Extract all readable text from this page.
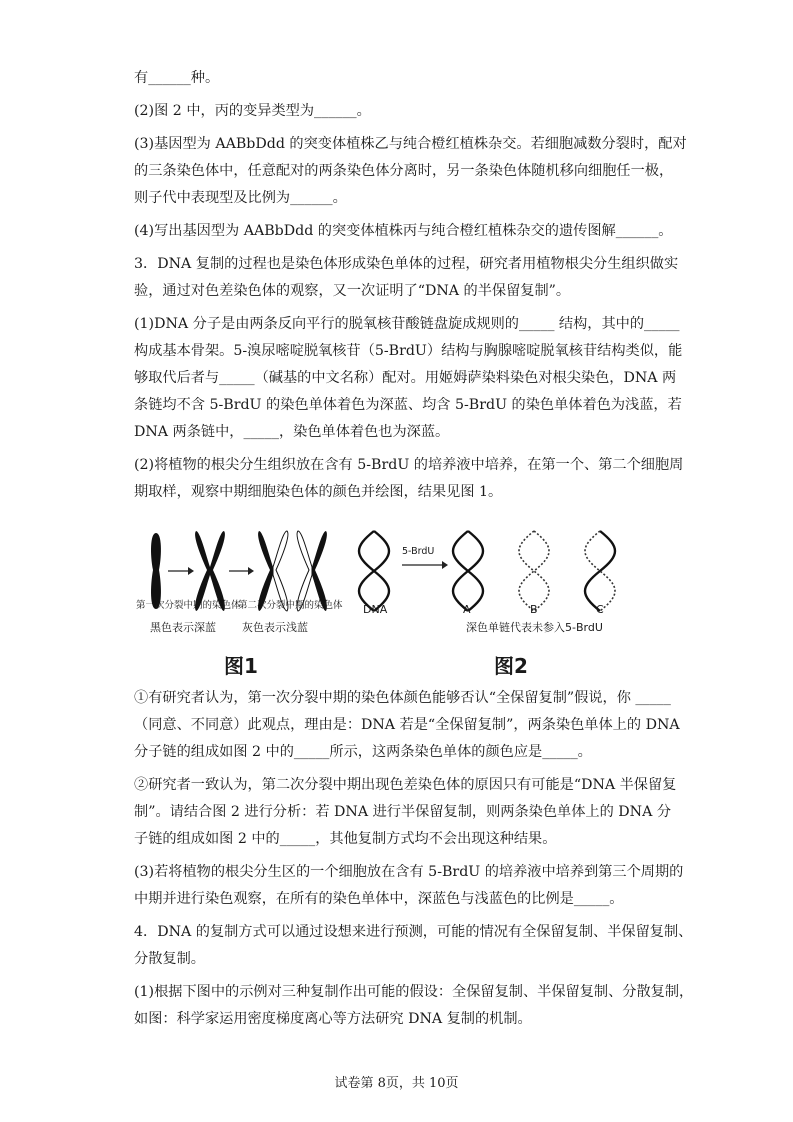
有______种。
(2)图 2 中，丙的变异类型为______。
(3)基因型为 AABbDdd 的突变体植株乙与纯合橙红植株杂交。若细胞减数分裂时，配对
的三条染色体中，任意配对的两条染色体分离时，另一条染色体随机移向细胞任一极，
则子代中表现型及比例为______。
(4)写出基因型为 AABbDdd 的突变体植株丙与纯合橙红植株杂交的遗传图解______。
3．DNA 复制的过程也是染色体形成染色单体的过程，研究者用植物根尖分生组织做实
验，通过对色差染色体的观察，又一次证明了“DNA 的半保留复制”。
(1)DNA 分子是由两条反向平行的脱氧核苷酸链盘旋成规则的_____ 结构，其中的_____
构成基本骨架。5-溴尿嘧啶脱氧核苷（5-BrdU）结构与胸腺嘧啶脱氧核苷结构类似，能
够取代后者与_____（碱基的中文名称）配对。用姬姆萨染料染色对根尖染色，DNA 两
条链均不含 5-BrdU 的染色单体着色为深蓝、均含 5-BrdU 的染色单体着色为浅蓝，若
DNA 两条链中，_____，染色单体着色也为深蓝。
(2)将植物的根尖分生组织放在含有 5-BrdU 的培养液中培养，在第一个、第二个细胞周
期取样，观察中期细胞染色体的颜色并绘图，结果见图 1。
①有研究者认为，第一次分裂中期的染色体颜色能够否认“全保留复制”假说，你 _____
（同意、不同意）此观点，理由是：DNA 若是“全保留复制”，两条染色单体上的 DNA
分子链的组成如图 2 中的_____所示，这两条染色单体的颜色应是_____。
②研究者一致认为，第二次分裂中期出现色差染色体的原因只有可能是“DNA 半保留复
制”。请结合图 2 进行分析：若 DNA 进行半保留复制，则两条染色单体上的 DNA 分
子链的组成如图 2 中的_____，其他复制方式均不会出现这种结果。
(3)若将植物的根尖分生区的一个细胞放在含有 5-BrdU 的培养液中培养到第三个周期的
中期并进行染色观察，在所有的染色单体中，深蓝色与浅蓝色的比例是_____。
4．DNA 的复制方式可以通过设想来进行预测，可能的情况有全保留复制、半保留复制、
分散复制。
(1)根据下图中的示例对三种复制作出可能的假设：全保留复制、半保留复制、分散复制，
如图：科学家运用密度梯度离心等方法研究 DNA 复制的机制。
第一次分裂中期的染色体
第二次分裂中期的染色体
黑色表示深蓝 灰色表示浅蓝
5-BrdU
DNA	A	B	C
深色单链代表未参入5-BrdU
图1	图2
试卷第 8页，共 10页
